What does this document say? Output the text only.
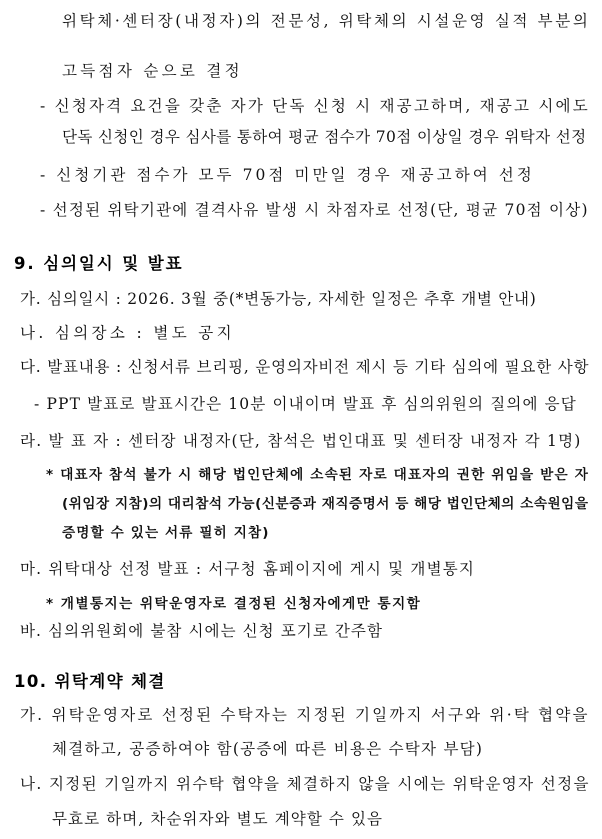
위탁체·센터장(내정자)의 전문성, 위탁체의 시설운영 실적 부분의
고득점자 순으로 결정
- 신청자격 요건을 갖춘 자가 단독 신청 시 재공고하며, 재공고 시에도
단독 신청인 경우 심사를 통하여 평균 점수가 70점 이상일 경우 위탁자 선정
- 신청기관 점수가 모두 70점 미만일 경우 재공고하여 선정
- 선정된 위탁기관에 결격사유 발생 시 차점자로 선정(단, 평균 70점 이상)
9. 심의일시 및 발표
가. 심의일시 : 2026. 3월 중(*변동가능, 자세한 일정은 추후 개별 안내)
나. 심의장소 : 별도 공지
다. 발표내용 : 신청서류 브리핑, 운영의자비전 제시 등 기타 심의에 필요한 사항
- PPT 발표로 발표시간은 10분 이내이며 발표 후 심의위원의 질의에 응답
라. 발 표 자 : 센터장 내정자(단, 참석은 법인대표 및 센터장 내정자 각 1명)
* 대표자 참석 불가 시 해당 법인단체에 소속된 자로 대표자의 권한 위임을 받은 자
(위임장 지참)의 대리참석 가능(신분증과 재직증명서 등 해당 법인단체의 소속원임을
증명할 수 있는 서류 필히 지참)
마. 위탁대상 선정 발표 : 서구청 홈페이지에 게시 및 개별통지
* 개별통지는 위탁운영자로 결정된 신청자에게만 통지함
바. 심의위원회에 불참 시에는 신청 포기로 간주함
10. 위탁계약 체결
가. 위탁운영자로 선정된 수탁자는 지정된 기일까지 서구와 위·탁 협약을
체결하고, 공증하여야 함(공증에 따른 비용은 수탁자 부담)
나. 지정된 기일까지 위수탁 협약을 체결하지 않을 시에는 위탁운영자 선정을
무효로 하며, 차순위자와 별도 계약할 수 있음
